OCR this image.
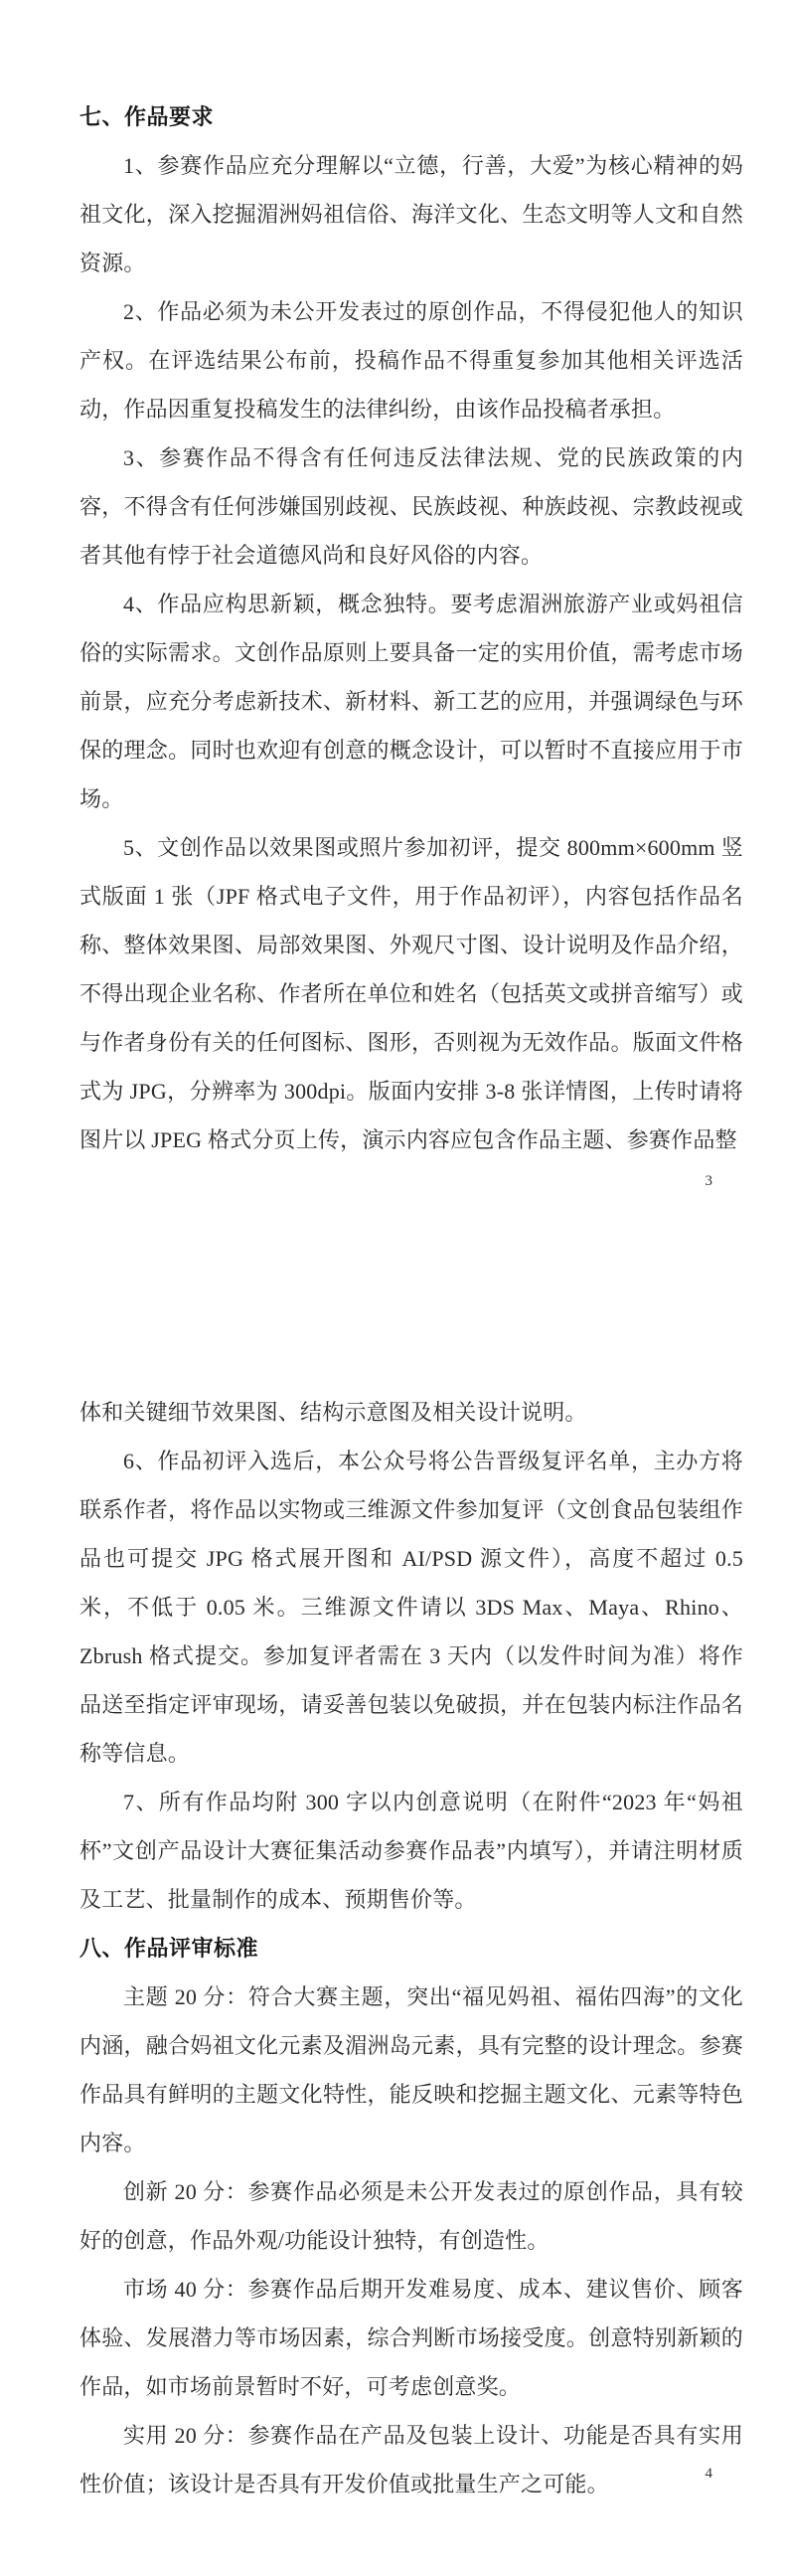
七、作品要求

1、参赛作品应充分理解以“立德，行善，大爱”为核心精神的妈祖文化，深入挖掘湄洲妈祖信俗、海洋文化、生态文明等人文和自然资源。

2、作品必须为未公开发表过的原创作品，不得侵犯他人的知识产权。在评选结果公布前，投稿作品不得重复参加其他相关评选活动，作品因重复投稿发生的法律纠纷，由该作品投稿者承担。

3、参赛作品不得含有任何违反法律法规、党的民族政策的内容，不得含有任何涉嫌国别歧视、民族歧视、种族歧视、宗教歧视或者其他有悖于社会道德风尚和良好风俗的内容。

4、作品应构思新颖，概念独特。要考虑湄洲旅游产业或妈祖信俗的实际需求。文创作品原则上要具备一定的实用价值，需考虑市场前景，应充分考虑新技术、新材料、新工艺的应用，并强调绿色与环保的理念。同时也欢迎有创意的概念设计，可以暂时不直接应用于市场。

5、文创作品以效果图或照片参加初评，提交 800mm×600mm 竖式版面 1 张（JPF 格式电子文件，用于作品初评），内容包括作品名称、整体效果图、局部效果图、外观尺寸图、设计说明及作品介绍，不得出现企业名称、作者所在单位和姓名（包括英文或拼音缩写）或与作者身份有关的任何图标、图形，否则视为无效作品。版面文件格式为 JPG，分辨率为 300dpi。版面内安排 3-8 张详情图，上传时请将图片以 JPEG 格式分页上传，演示内容应包含作品主题、参赛作品整

3

体和关键细节效果图、结构示意图及相关设计说明。

6、作品初评入选后，本公众号将公告晋级复评名单，主办方将联系作者，将作品以实物或三维源文件参加复评（文创食品包装组作品也可提交 JPG 格式展开图和 AI/PSD 源文件），高度不超过 0.5 米，不低于 0.05 米。三维源文件请以 3DS Max、Maya、Rhino、Zbrush 格式提交。参加复评者需在 3 天内（以发件时间为准）将作品送至指定评审现场，请妥善包装以免破损，并在包装内标注作品名称等信息。

7、所有作品均附 300 字以内创意说明（在附件“2023 年“妈祖杯”文创产品设计大赛征集活动参赛作品表”内填写），并请注明材质及工艺、批量制作的成本、预期售价等。

八、作品评审标准

主题 20 分：符合大赛主题，突出“福见妈祖、福佑四海”的文化内涵，融合妈祖文化元素及湄洲岛元素，具有完整的设计理念。参赛作品具有鲜明的主题文化特性，能反映和挖掘主题文化、元素等特色内容。

创新 20 分：参赛作品必须是未公开发表过的原创作品，具有较好的创意，作品外观/功能设计独特，有创造性。

市场 40 分：参赛作品后期开发难易度、成本、建议售价、顾客体验、发展潜力等市场因素，综合判断市场接受度。创意特别新颖的作品，如市场前景暂时不好，可考虑创意奖。

实用 20 分：参赛作品在产品及包装上设计、功能是否具有实用性价值；该设计是否具有开发价值或批量生产之可能。	4
